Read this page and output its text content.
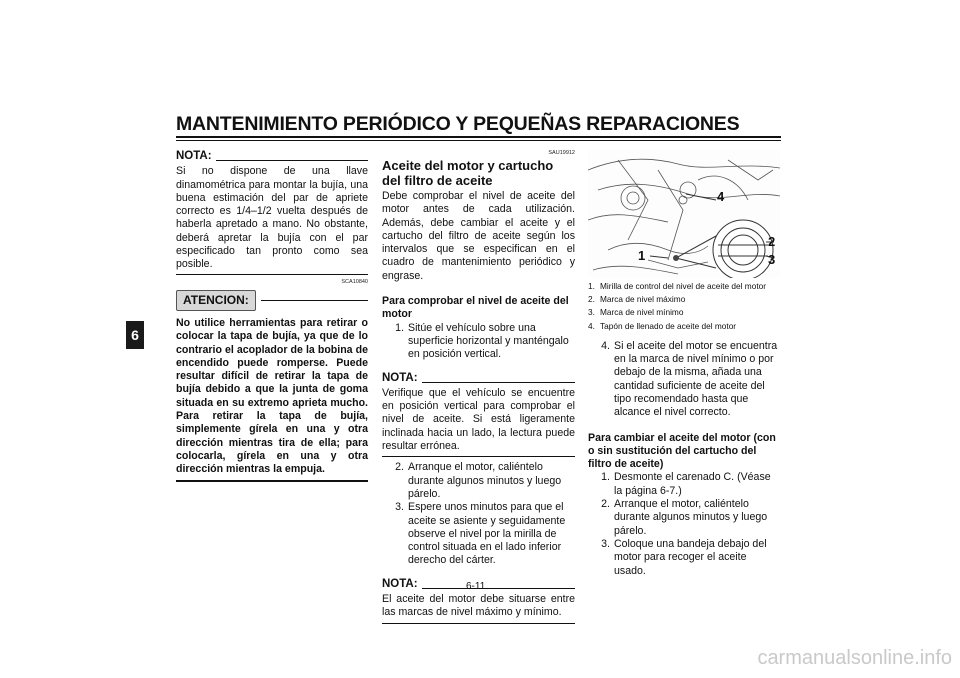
MANTENIMIENTO PERIÓDICO Y PEQUEÑAS REPARACIONES
6
NOTA:
Si no dispone de una llave dinamométrica para montar la bujía, una buena estimación del par de apriete correcto es 1/4–1/2 vuelta después de haberla apretado a mano. No obstante, deberá apretar la bujía con el par especificado tan pronto como sea posible.
SCA10840
ATENCION:
No utilice herramientas para retirar o colocar la tapa de bujía, ya que de lo contrario el acoplador de la bobina de encendido puede romperse. Puede resultar difícil de retirar la tapa de bujía debido a que la junta de goma situada en su extremo aprieta mucho. Para retirar la tapa de bujía, simplemente gírela en una y otra dirección mientras tira de ella; para colocarla, gírela en una y otra dirección mientras la empuja.
SAU19912
Aceite del motor y cartucho del filtro de aceite
Debe comprobar el nivel de aceite del motor antes de cada utilización. Además, debe cambiar el aceite y el cartucho del filtro de aceite según los intervalos que se especifican en el cuadro de mantenimiento periódico y engrase.
Para comprobar el nivel de aceite del motor
1. Sitúe el vehículo sobre una superficie horizontal y manténgalo en posición vertical.
NOTA:
Verifique que el vehículo se encuentre en posición vertical para comprobar el nivel de aceite. Si está ligeramente inclinada hacia un lado, la lectura puede resultar errónea.
2. Arranque el motor, caliéntelo durante algunos minutos y luego párelo.
3. Espere unos minutos para que el aceite se asiente y seguidamente observe el nivel por la mirilla de control situada en el lado inferior derecho del cárter.
NOTA:
El aceite del motor debe situarse entre las marcas de nivel máximo y mínimo.
4
2
3
1
1. Mirilla de control del nivel de aceite del motor
2. Marca de nivel máximo
3. Marca de nivel mínimo
4. Tapón de llenado de aceite del motor
4. Si el aceite del motor se encuentra en la marca de nivel mínimo o por debajo de la misma, añada una cantidad suficiente de aceite del tipo recomendado hasta que alcance el nivel correcto.
Para cambiar el aceite del motor (con o sin sustitución del cartucho del filtro de aceite)
1. Desmonte el carenado C. (Véase la página 6-7.)
2. Arranque el motor, caliéntelo durante algunos minutos y luego párelo.
3. Coloque una bandeja debajo del motor para recoger el aceite usado.
6-11
carmanualsonline.info
